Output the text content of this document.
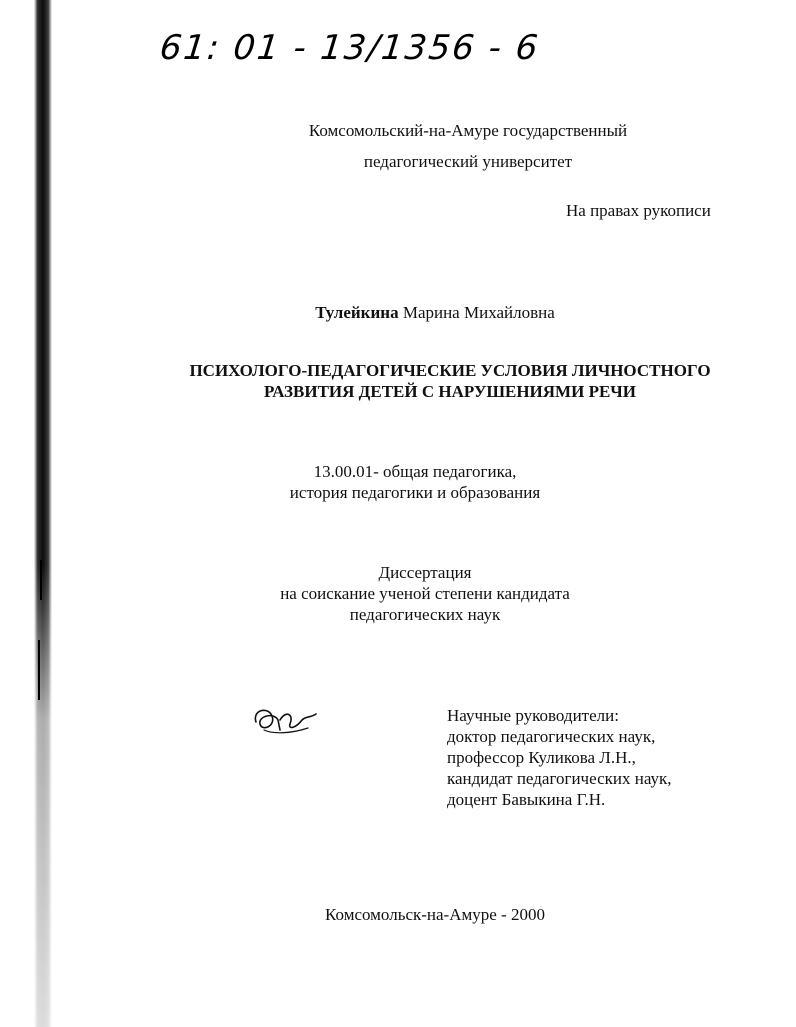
61: 01 - 13/1356 - 6
Комсомольский-на-Амуре государственный
педагогический университет
На правах рукописи
Тулейкина Марина Михайловна
ПСИХОЛОГО-ПЕДАГОГИЧЕСКИЕ УСЛОВИЯ ЛИЧНОСТНОГО
РАЗВИТИЯ ДЕТЕЙ С НАРУШЕНИЯМИ РЕЧИ
13.00.01- общая педагогика,
история педагогики и образования
Диссертация
на соискание ученой степени кандидата
педагогических наук
Научные руководители:
доктор педагогических наук,
профессор Куликова Л.Н.,
кандидат педагогических наук,
доцент Бавыкина Г.Н.
Комсомольск-на-Амуре - 2000
